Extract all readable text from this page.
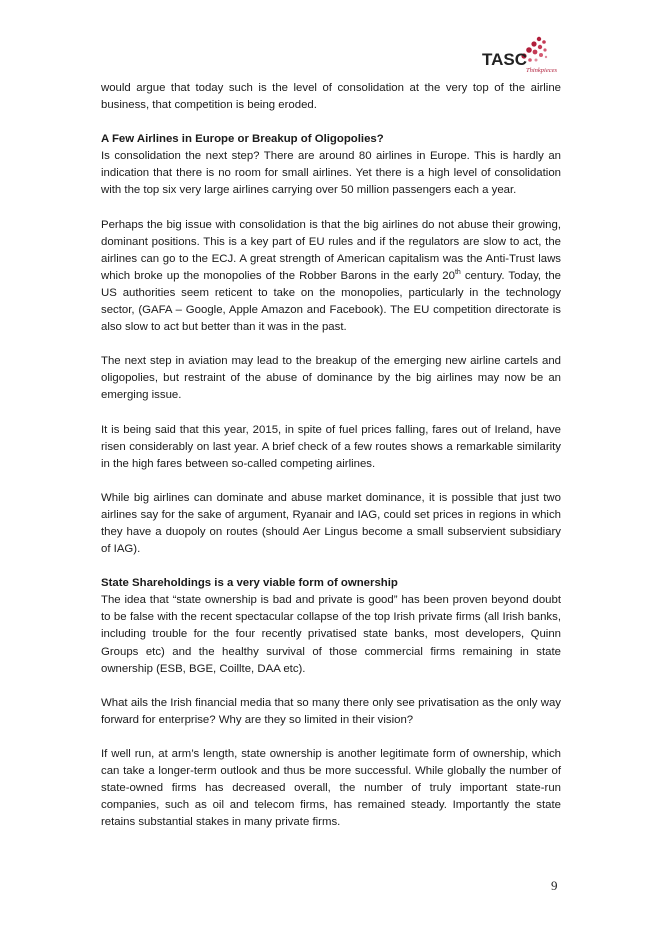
TASC
Thinkpieces

would argue that today such is the level of consolidation at the very top of the airline business, that competition is being eroded.

A Few Airlines in Europe or Breakup of Oligopolies?

Is consolidation the next step? There are around 80 airlines in Europe. This is hardly an indication that there is no room for small airlines. Yet there is a high level of consolidation with the top six very large airlines carrying over 50 million passengers each a year.

Perhaps the big issue with consolidation is that the big airlines do not abuse their growing, dominant positions. This is a key part of EU rules and if the regulators are slow to act, the airlines can go to the ECJ. A great strength of American capitalism was the Anti-Trust laws which broke up the monopolies of the Robber Barons in the early 20th century. Today, the US authorities seem reticent to take on the monopolies, particularly in the technology sector, (GAFA – Google, Apple Amazon and Facebook). The EU competition directorate is also slow to act but better than it was in the past.

The next step in aviation may lead to the breakup of the emerging new airline cartels and oligopolies, but restraint of the abuse of dominance by the big airlines may now be an emerging issue.

It is being said that this year, 2015, in spite of fuel prices falling, fares out of Ireland, have risen considerably on last year. A brief check of a few routes shows a remarkable similarity in the high fares between so-called competing airlines.

While big airlines can dominate and abuse market dominance, it is possible that just two airlines say for the sake of argument, Ryanair and IAG, could set prices in regions in which they have a duopoly on routes (should Aer Lingus become a small subservient subsidiary of IAG).

State Shareholdings is a very viable form of ownership

The idea that “state ownership is bad and private is good” has been proven beyond doubt to be false with the recent spectacular collapse of the top Irish private firms (all Irish banks, including trouble for the four recently privatised state banks, most developers, Quinn Groups etc) and the healthy survival of those commercial firms remaining in state ownership (ESB, BGE, Coillte, DAA etc).

What ails the Irish financial media that so many there only see privatisation as the only way forward for enterprise? Why are they so limited in their vision?

If well run, at arm’s length, state ownership is another legitimate form of ownership, which can take a longer-term outlook and thus be more successful. While globally the number of state-owned firms has decreased overall, the number of truly important state-run companies, such as oil and telecom firms, has remained steady. Importantly the state retains substantial stakes in many private firms.

9
